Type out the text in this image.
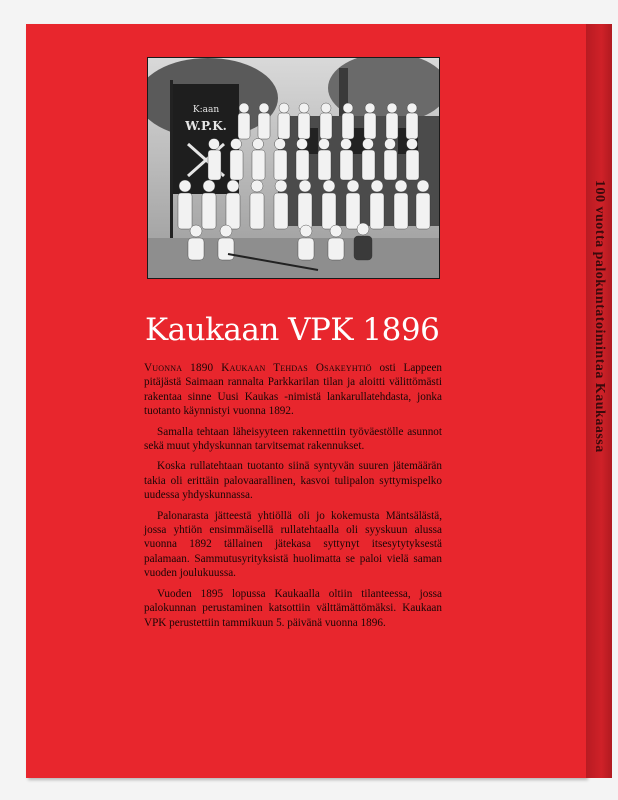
100 vuotta palokuntatoimintaa Kaukaassa
K:aan
W.P.K.
Kaukaan VPK 1896

Vuonna 1890 Kaukaan Tehdas Osakeyhtiö osti Lappeen pitäjästä Saimaan rannalta Parkkarilan tilan ja aloitti välittömästi rakentaa sinne Uusi Kaukas -nimistä lankarullatehdasta, jonka tuotanto käynnistyi vuonna 1892.

Samalla tehtaan läheisyyteen rakennettiin työväestölle asunnot sekä muut yhdyskunnan tarvitsemat rakennukset.

Koska rullatehtaan tuotanto siinä syntyvän suuren jätemäärän takia oli erittäin palovaarallinen, kasvoi tulipalon syttymispelko uudessa yhdyskunnassa.

Palonarasta jätteestä yhtiöllä oli jo kokemusta Mäntsälästä, jossa yhtiön ensimmäisellä rullatehtaalla oli syyskuun alussa vuonna 1892 tällainen jätekasa syttynyt itsesytytyksestä palamaan. Sammutusyrityksistä huolimatta se paloi vielä saman vuoden joulukuussa.

Vuoden 1895 lopussa Kaukaalla oltiin tilanteessa, jossa palokunnan perustaminen katsottiin välttämättömäksi. Kaukaan VPK perustettiin tammikuun 5. päivänä vuonna 1896.
